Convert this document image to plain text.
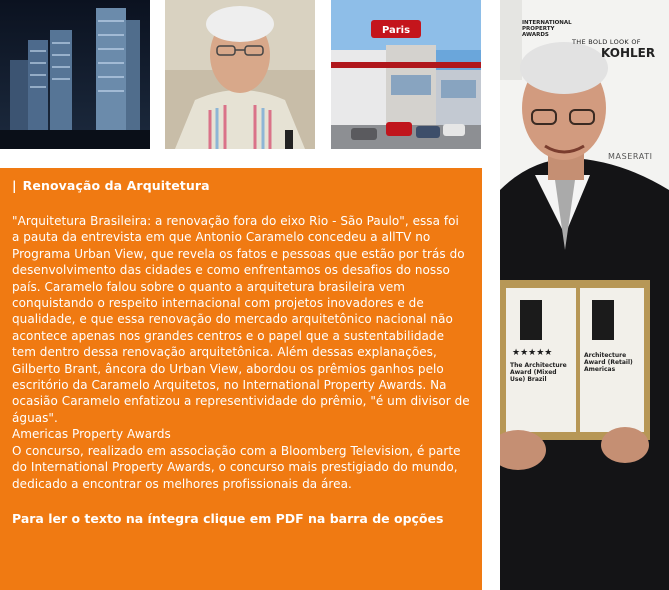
Paris
| Renovação da Arquitetura

"Arquitetura Brasileira: a renovação fora do eixo Rio - São Paulo", essa foi a pauta da entrevista em que Antonio Caramelo concedeu a allTV no Programa Urban View, que revela os fatos e pessoas que estão por trás do desenvolvimento das cidades e como enfrentamos os desafios do nosso país. Caramelo falou sobre o quanto a arquitetura brasileira vem conquistando o respeito internacional com projetos inovadores e de qualidade, e que essa renovação do mercado arquitetônico nacional não acontece apenas nos grandes centros e o papel que a sustentabilidade tem dentro dessa renovação arquitetônica. Além dessas explanações, Gilberto Brant, âncora do Urban View, abordou os prêmios ganhos pelo escritório da Caramelo Arquitetos, no International Property Awards. Na ocasião Caramelo enfatizou a representividade do prêmio, "é um divisor de águas".

Americas Property Awards

O concurso, realizado em associação com a Bloomberg Television, é parte do International Property Awards, o concurso mais prestigiado do mundo, dedicado a encontrar os melhores profissionais da área.

Para ler o texto na íntegra clique em PDF na barra de opções
INTERNATIONAL PROPERTY AWARDS
THE BOLD LOOK OF
KOHLER
MASERATI
★★★★★
The Architecture Award (Mixed Use) Brazil
Architecture Award (Retail) Americas
